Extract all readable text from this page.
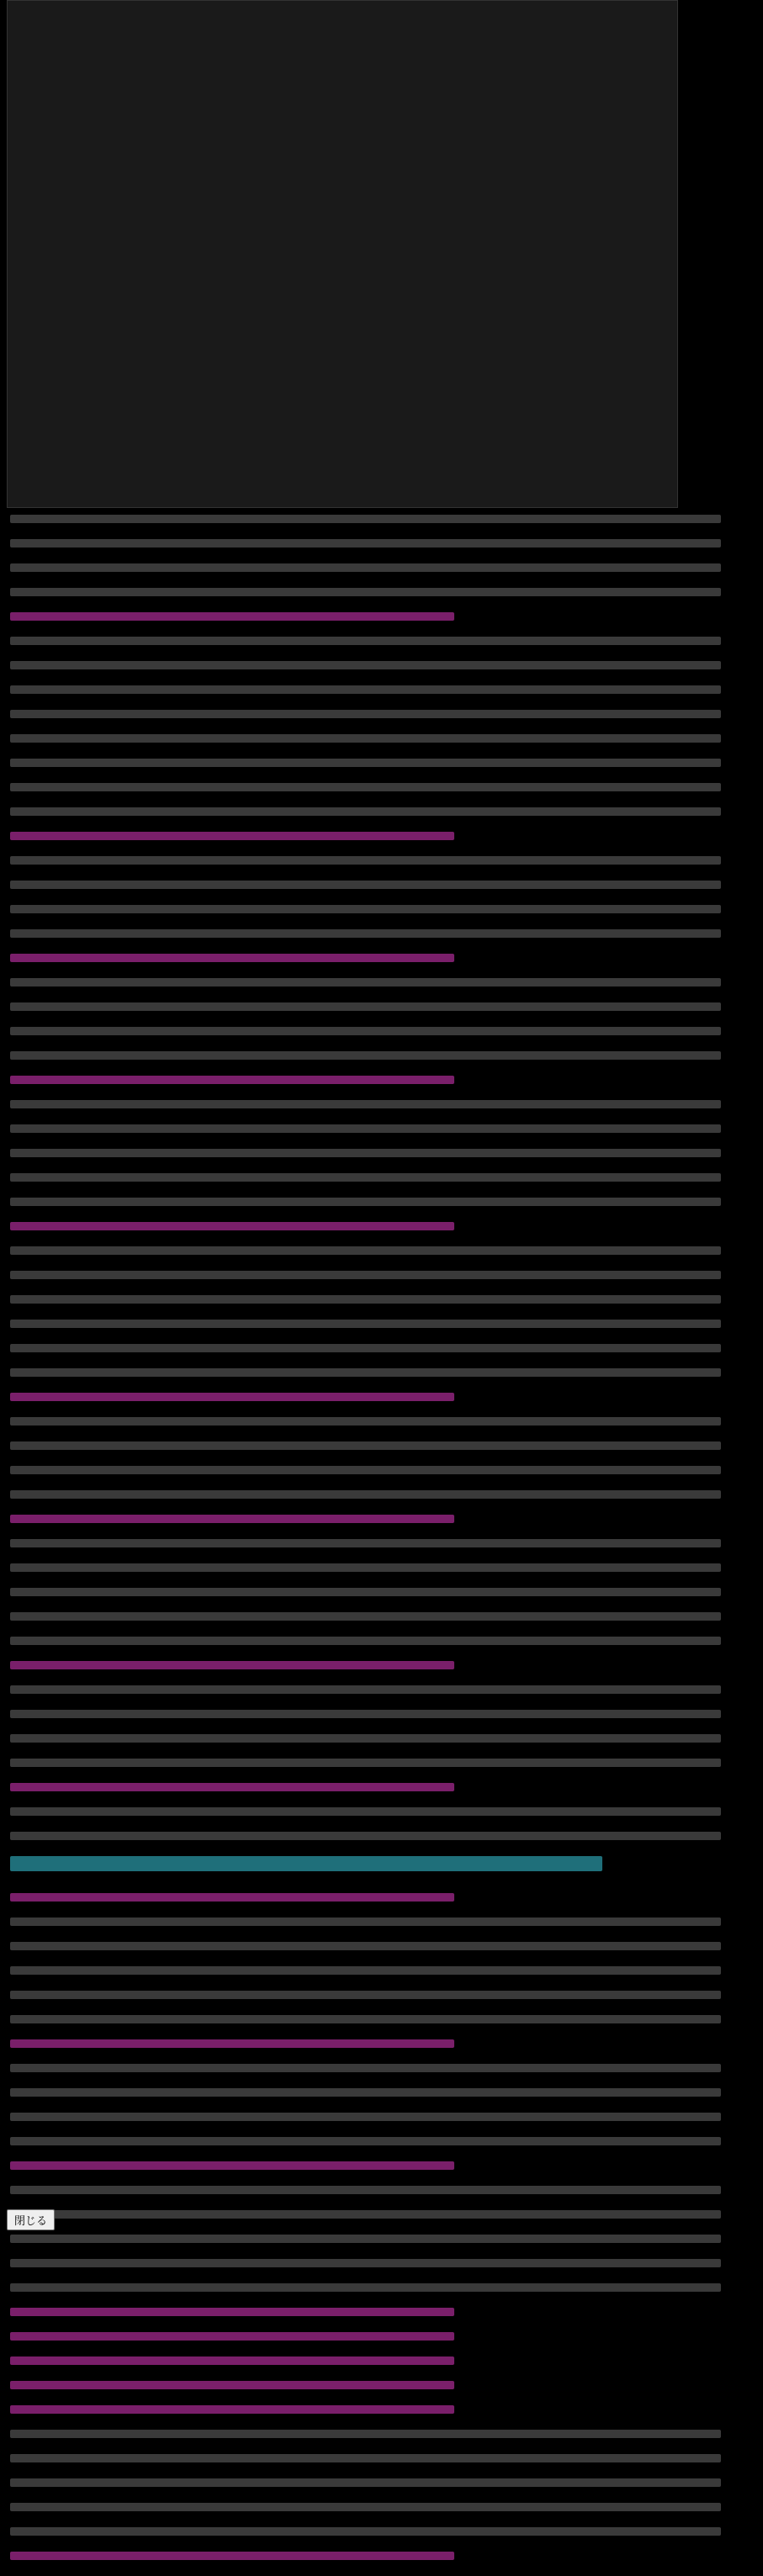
閉じる
